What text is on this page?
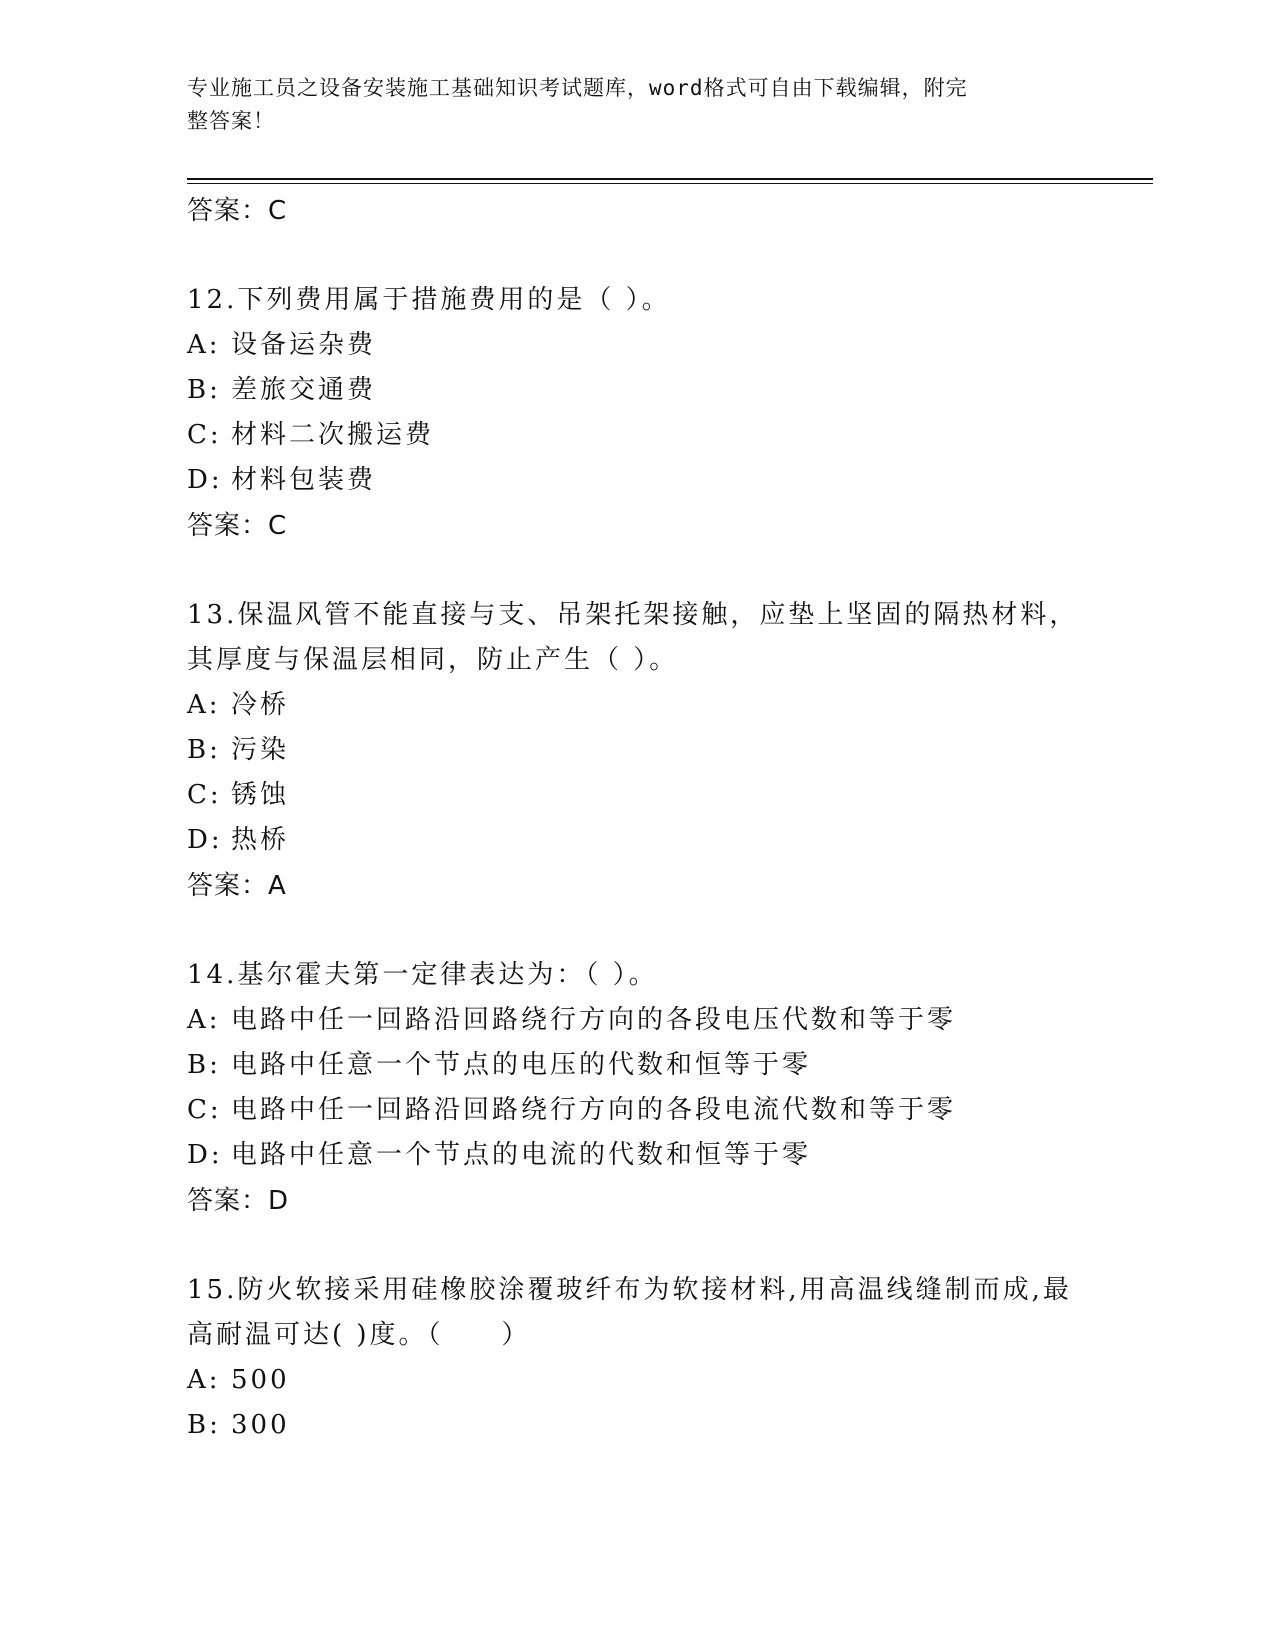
专业施工员之设备安装施工基础知识考试题库，word格式可自由下载编辑，附完
整答案！
答案：C
12.下列费用属于措施费用的是（ ）。
A: 设备运杂费
B: 差旅交通费
C: 材料二次搬运费
D: 材料包装费
答案：C
13.保温风管不能直接与支、吊架托架接触，应垫上坚固的隔热材料，其厚度与保温层相同，防止产生（ ）。
A: 冷桥
B: 污染
C: 锈蚀
D: 热桥
答案：A
14.基尔霍夫第一定律表达为：（ ）。
A: 电路中任一回路沿回路绕行方向的各段电压代数和等于零
B: 电路中任意一个节点的电压的代数和恒等于零
C: 电路中任一回路沿回路绕行方向的各段电流代数和等于零
D: 电路中任意一个节点的电流的代数和恒等于零
答案：D
15.防火软接采用硅橡胶涂覆玻纤布为软接材料,用高温线缝制而成,最高耐温可达( )度。（　　）
A: 500
B: 300
